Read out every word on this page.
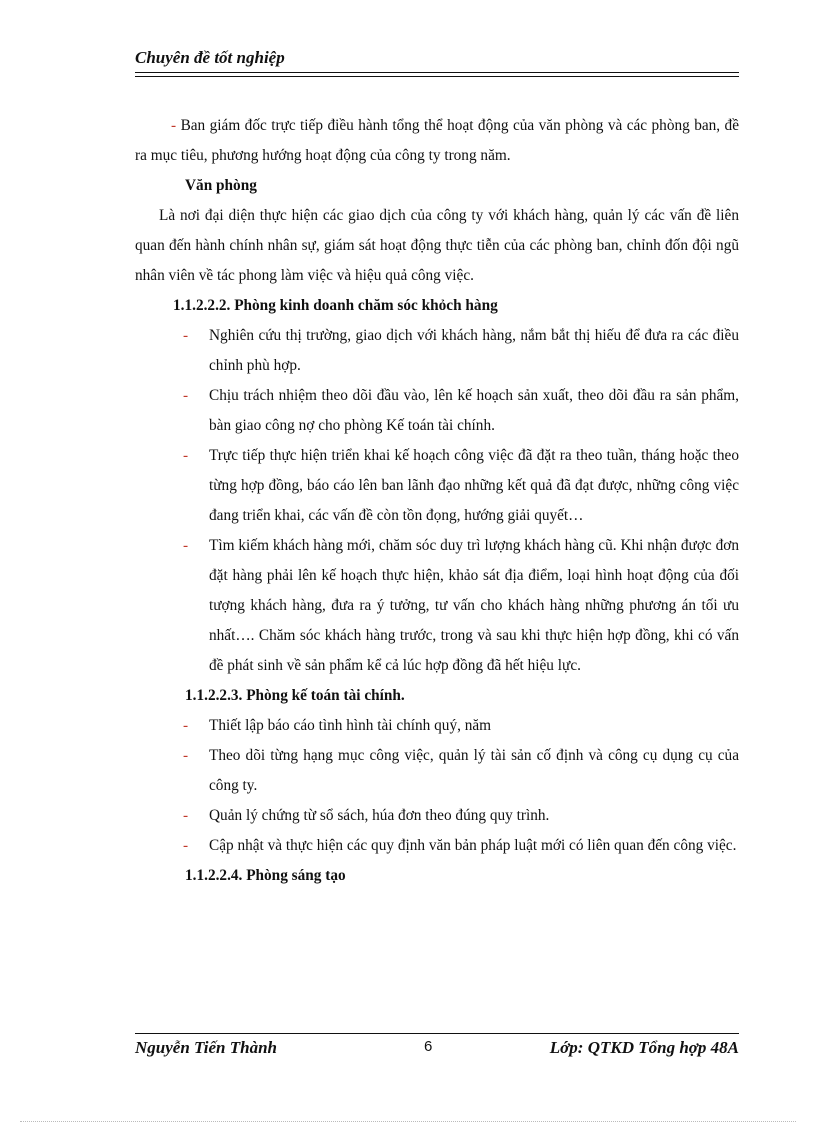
Chuyên đề tốt nghiệp

- Ban giám đốc trực tiếp điều hành tổng thể hoạt động của văn phòng và các phòng ban, đề ra mục tiêu, phương hướng hoạt động của công ty trong năm.

Văn phòng

Là nơi đại diện thực hiện các giao dịch của công ty với khách hàng, quản lý các vấn đề liên quan đến hành chính nhân sự, giám sát hoạt động thực tiễn của các phòng ban, chỉnh đốn đội ngũ nhân viên về tác phong làm việc và hiệu quả công việc.

1.1.2.2.2. Phòng kinh doanh chăm sóc khỏch hàng

- Nghiên cứu thị trường, giao dịch với khách hàng, nắm bắt thị hiếu để đưa ra các điều chỉnh phù hợp.

- Chịu trách nhiệm theo dõi đầu vào, lên kế hoạch sản xuất, theo dõi đầu ra sản phẩm, bàn giao công nợ cho phòng Kế toán tài chính.

- Trực tiếp thực hiện triển khai kế hoạch công việc đã đặt ra theo tuần, tháng hoặc theo từng hợp đồng, báo cáo lên ban lãnh đạo những kết quả đã đạt được, những công việc đang triển khai, các vấn đề còn tồn đọng, hướng giải quyết…

- Tìm kiếm khách hàng mới, chăm sóc duy trì lượng khách hàng cũ. Khi nhận được đơn đặt hàng phải lên kế hoạch thực hiện, khảo sát địa điểm, loại hình hoạt động của đối tượng khách hàng, đưa ra ý tưởng, tư vấn cho khách hàng những phương án tối ưu nhất…. Chăm sóc khách hàng trước, trong và sau khi thực hiện hợp đồng, khi có vấn đề phát sinh về sản phẩm kể cả lúc hợp đồng đã hết hiệu lực.

1.1.2.2.3. Phòng kế toán tài chính.

- Thiết lập báo cáo tình hình tài chính quý, năm

- Theo dõi từng hạng mục công việc, quản lý tài sản cố định và công cụ dụng cụ của công ty.

- Quản lý chứng từ sổ sách, húa đơn theo đúng quy trình.

- Cập nhật và thực hiện các quy định văn bản pháp luật mới có liên quan đến công việc.

1.1.2.2.4. Phòng sáng tạo

Nguyễn Tiến Thành	6	Lớp: QTKD Tổng hợp 48A
